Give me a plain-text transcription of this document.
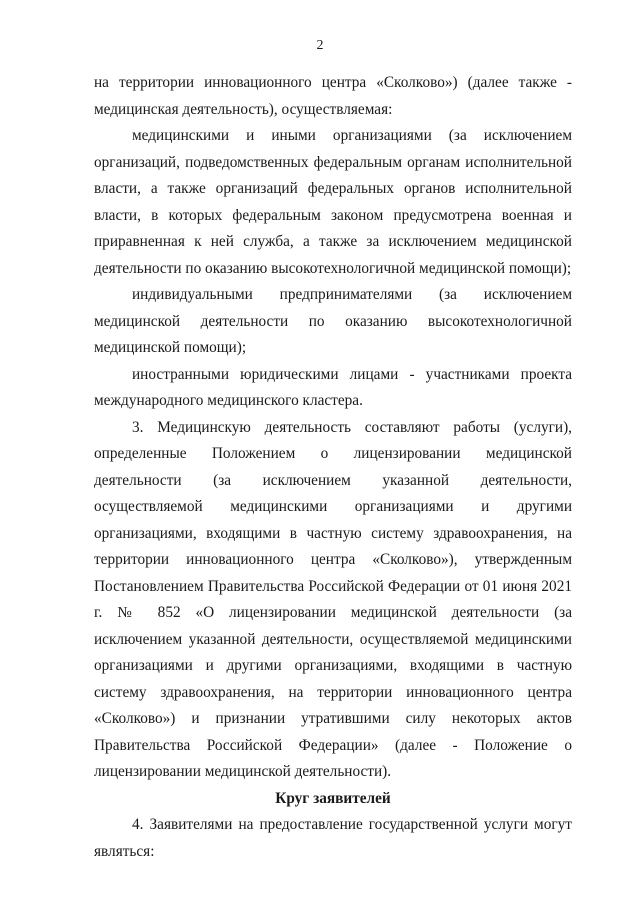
2

на территории инновационного центра «Сколково») (далее также - медицинская деятельность), осуществляемая:

медицинскими и иными организациями (за исключением организаций, подведомственных федеральным органам исполнительной власти, а также организаций федеральных органов исполнительной власти, в которых федеральным законом предусмотрена военная и приравненная к ней служба, а также за исключением медицинской деятельности по оказанию высокотехнологичной медицинской помощи);

индивидуальными предпринимателями (за исключением медицинской деятельности по оказанию высокотехнологичной медицинской помощи);

иностранными юридическими лицами - участниками проекта международного медицинского кластера.

3. Медицинскую деятельность составляют работы (услуги), определенные Положением о лицензировании медицинской деятельности (за исключением указанной деятельности, осуществляемой медицинскими организациями и другими организациями, входящими в частную систему здравоохранения, на территории инновационного центра «Сколково»), утвержденным Постановлением Правительства Российской Федерации от 01 июня 2021 г. № 852 «О лицензировании медицинской деятельности (за исключением указанной деятельности, осуществляемой медицинскими организациями и другими организациями, входящими в частную систему здравоохранения, на территории инновационного центра «Сколково») и признании утратившими силу некоторых актов Правительства Российской Федерации» (далее - Положение о лицензировании медицинской деятельности).

Круг заявителей

4. Заявителями на предоставление государственной услуги могут являться:
